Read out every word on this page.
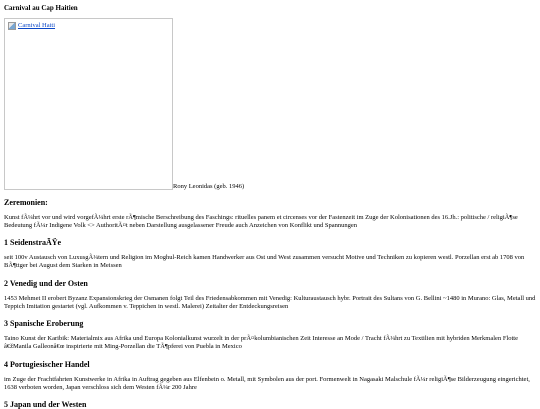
Carnival au Cap Haitien
Carnival Haiti
Rony Leonidas (geb. 1946)
Zeremonien:
Kunst fÃ¼hrt vor und wird vorgefÃ¼hrt erste rÃ¶mische Berschreibung des Faschings: rituelles panem et circenses vor der Fastenzeit im Zuge der Kolonisationen des 16.Jh.: politische / religiÃ¶se Bedeutung fÃ¼r Indigene Volk <> AuthoritÃ¤t neben Darstellung ausgelassener Freude auch Anzeichen von Konflikt und Spannungen
1 SeidenstraÃŸe
seit 100v Austausch von LuxusgÃ¼tern und Religion im Moghul-Reich kamen Handwerker aus Ost und West zusammen versucht Motive und Techniken zu kopieren westl. Porzellan erst ab 1708 von BÃ¶ttger bei August dem Starken in Meissen
2 Venedig und der Osten
1453 Mehmet II erobert Byzanz Expansionskrieg der Osmanen folgt Teil des Friedensabkommen mit Venedig: Kulturaustausch hybr. Portrait des Sultans von G. Bellini ~1480 in Murano: Glas, Metall und Teppich Imitation gestartet (vgl. Aufkommen v. Teppichen in westl. Malerei) Zeitalter der Entdeckungsreisen
3 Spanische Eroberung
Taino Kunst der Karibik: Materialmix aus Afrika und Europa Kolonialkunst wurzelt in der prÃ¤kolumbianischen Zeit Interesse an Mode / Tracht fÃ¼hrt zu Textilien mit hybriden Merkmalen Flotte â€žManila Galleonâ€œ inspirierte mit Ming-Porzellan die TÃ¶pferei von Puebla in Mexico
4 Portugiesischer Handel
im Zuge der Frachtfahrten Kunstwerke in Afrika in Auftrag gegeben aus Elfenbein o. Metall, mit Symbolen aus der port. Formenwelt in Nagasaki Malschule fÃ¼r religiÃ¶se Bilderzeugung eingerichtet, 1638 verboten worden, Japan verschloss sich dem Westen fÃ¼r 200 Jahre
5 Japan und der Westen
